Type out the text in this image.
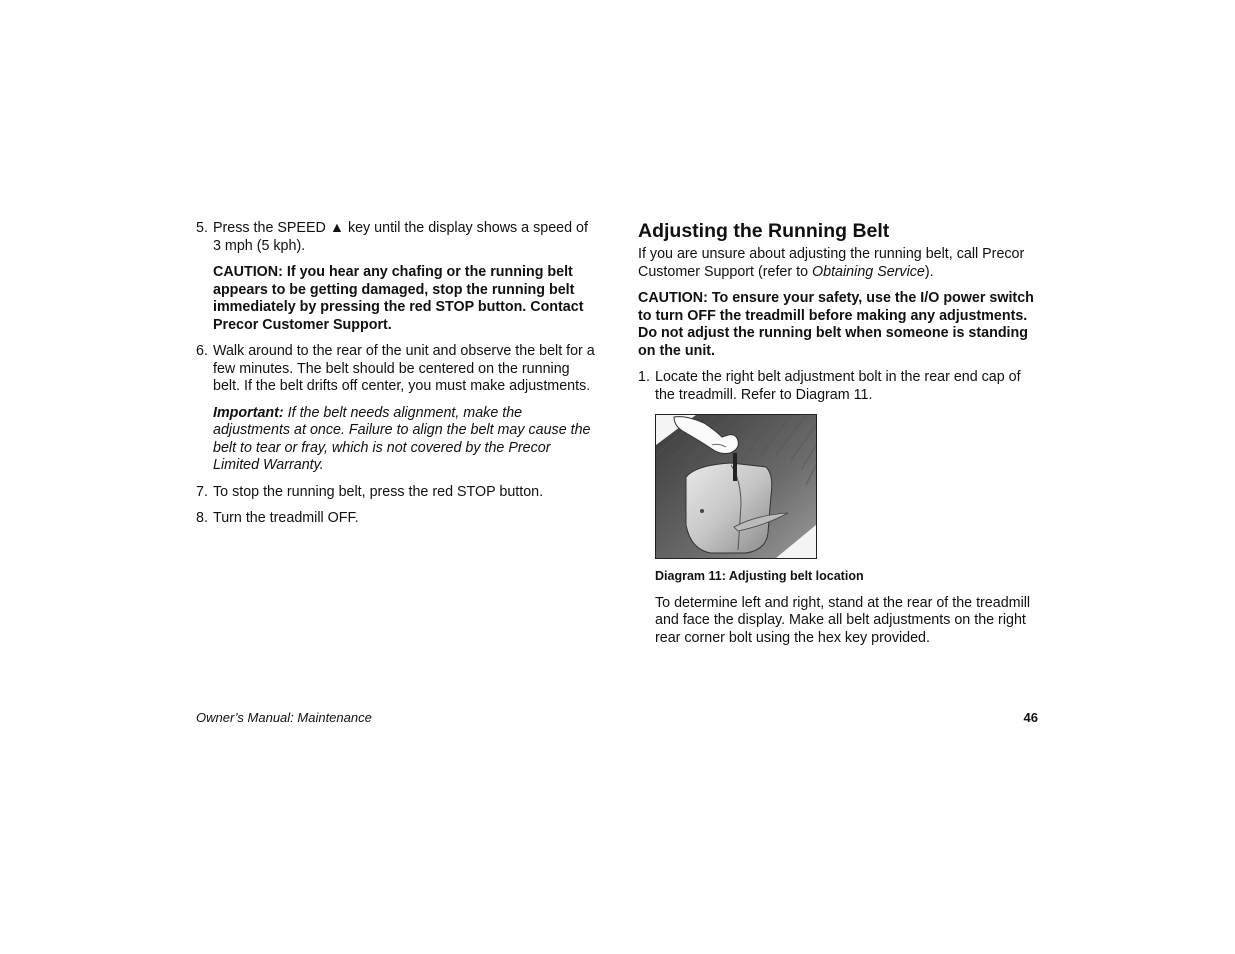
5. Press the SPEED ▲ key until the display shows a speed of 3 mph (5 kph).

CAUTION: If you hear any chafing or the running belt appears to be getting damaged, stop the running belt immediately by pressing the red STOP button. Contact Precor Customer Support.

6. Walk around to the rear of the unit and observe the belt for a few minutes. The belt should be centered on the running belt. If the belt drifts off center, you must make adjustments.

Important: If the belt needs alignment, make the adjustments at once. Failure to align the belt may cause the belt to tear or fray, which is not covered by the Precor Limited Warranty.

7. To stop the running belt, press the red STOP button.

8. Turn the treadmill OFF.

Adjusting the Running Belt

If you are unsure about adjusting the running belt, call Precor Customer Support (refer to Obtaining Service).

CAUTION: To ensure your safety, use the I/O power switch to turn OFF the treadmill before making any adjustments. Do not adjust the running belt when someone is standing on the unit.

1. Locate the right belt adjustment bolt in the rear end cap of the treadmill. Refer to Diagram 11.

Diagram 11: Adjusting belt location

To determine left and right, stand at the rear of the treadmill and face the display. Make all belt adjustments on the right rear corner bolt using the hex key provided.

Owner’s Manual: Maintenance	46
